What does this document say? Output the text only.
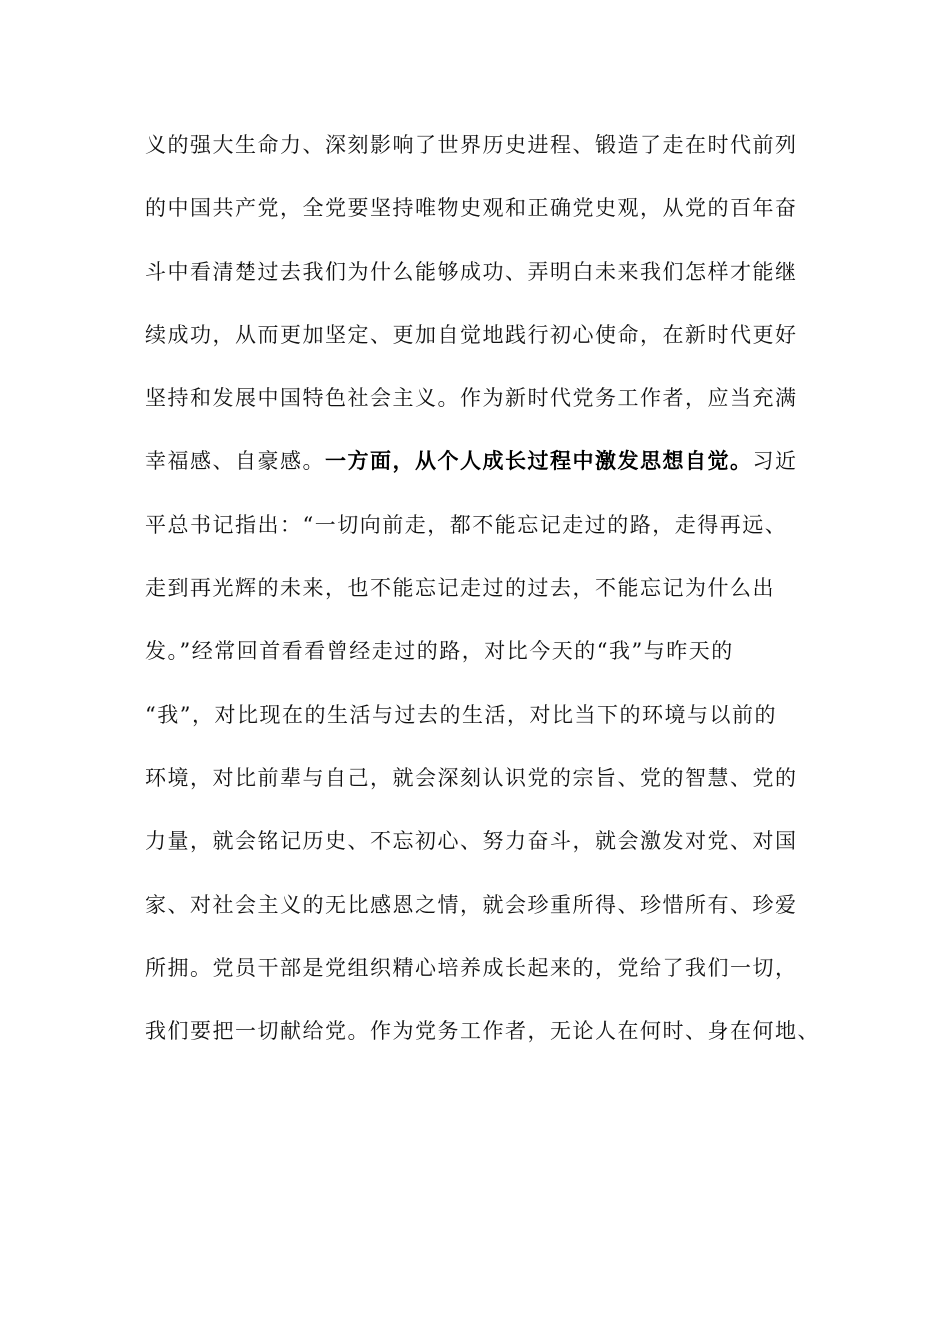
义的强大生命力、深刻影响了世界历史进程、锻造了走在时代前列
的中国共产党，全党要坚持唯物史观和正确党史观，从党的百年奋
斗中看清楚过去我们为什么能够成功、弄明白未来我们怎样才能继
续成功，从而更加坚定、更加自觉地践行初心使命，在新时代更好
坚持和发展中国特色社会主义。作为新时代党务工作者，应当充满
幸福感、自豪感。一方面，从个人成长过程中激发思想自觉。习近
平总书记指出：“一切向前走，都不能忘记走过的路，走得再远、
走到再光辉的未来，也不能忘记走过的过去，不能忘记为什么出
发。”经常回首看看曾经走过的路，对比今天的“我”与昨天的
“我”，对比现在的生活与过去的生活，对比当下的环境与以前的
环境，对比前辈与自己，就会深刻认识党的宗旨、党的智慧、党的
力量，就会铭记历史、不忘初心、努力奋斗，就会激发对党、对国
家、对社会主义的无比感恩之情，就会珍重所得、珍惜所有、珍爱
所拥。党员干部是党组织精心培养成长起来的，党给了我们一切，
我们要把一切献给党。作为党务工作者，无论人在何时、身在何地、
